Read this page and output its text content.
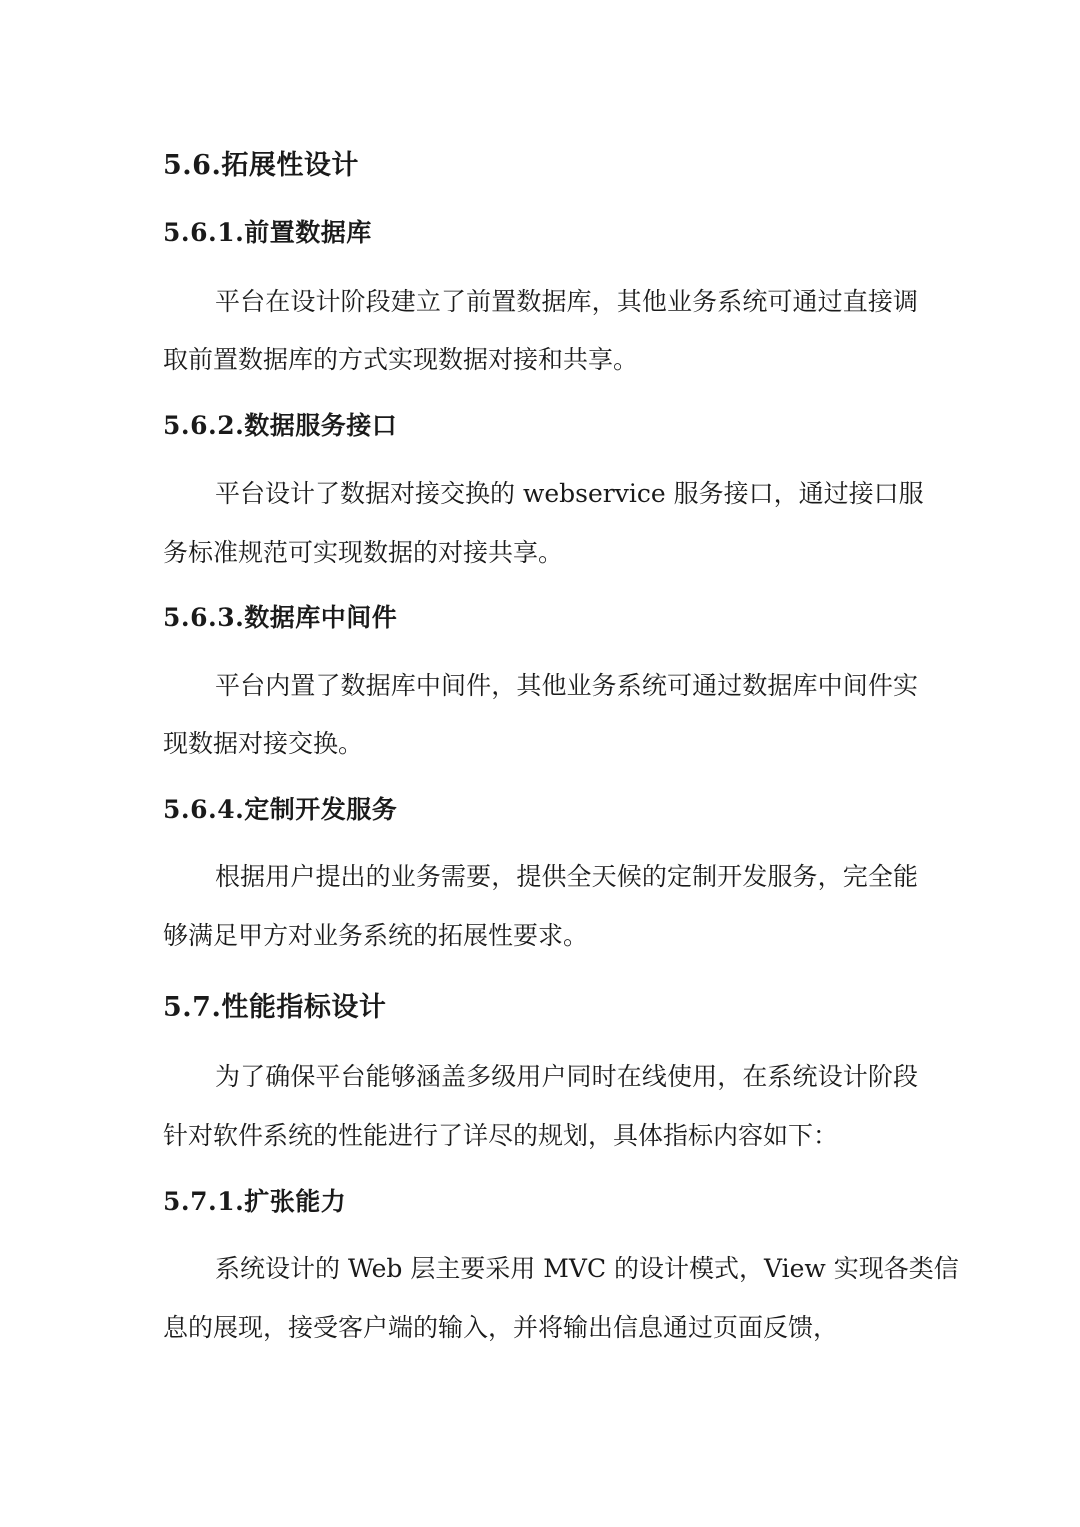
5.6.拓展性设计
5.6.1.前置数据库
平台在设计阶段建立了前置数据库，其他业务系统可通过直接调
取前置数据库的方式实现数据对接和共享。
5.6.2.数据服务接口
平台设计了数据对接交换的 webservice 服务接口，通过接口服
务标准规范可实现数据的对接共享。
5.6.3.数据库中间件
平台内置了数据库中间件，其他业务系统可通过数据库中间件实
现数据对接交换。
5.6.4.定制开发服务
根据用户提出的业务需要，提供全天候的定制开发服务，完全能
够满足甲方对业务系统的拓展性要求。
5.7.性能指标设计
为了确保平台能够涵盖多级用户同时在线使用，在系统设计阶段
针对软件系统的性能进行了详尽的规划，具体指标内容如下：
5.7.1.扩张能力
系统设计的 Web 层主要采用 MVC 的设计模式，View 实现各类信
息的展现，接受客户端的输入，并将输出信息通过页面反馈，
